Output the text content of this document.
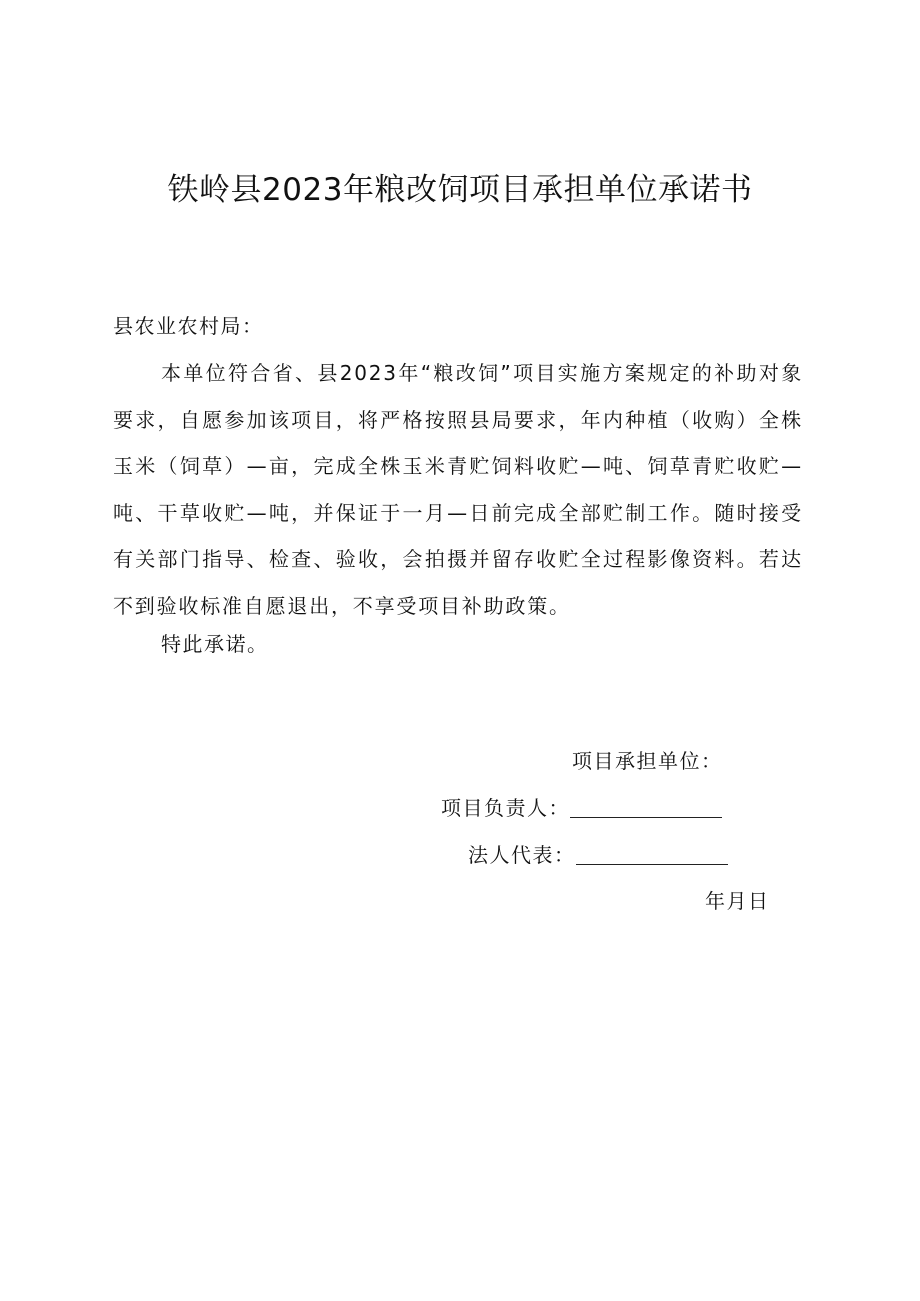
铁岭县2023年粮改饲项目承担单位承诺书
县农业农村局：

本单位符合省、县2023年“粮改饲”项目实施方案规定的补助对象要求，自愿参加该项目，将严格按照县局要求，年内种植（收购）全株玉米（饲草）—亩，完成全株玉米青贮饲料收贮—吨、饲草青贮收贮—吨、干草收贮—吨，并保证于一月—日前完成全部贮制工作。随时接受有关部门指导、检查、验收，会拍摄并留存收贮全过程影像资料。若达不到验收标准自愿退出，不享受项目补助政策。

特此承诺。
项目承担单位：
项目负责人：
法人代表：
年月日
